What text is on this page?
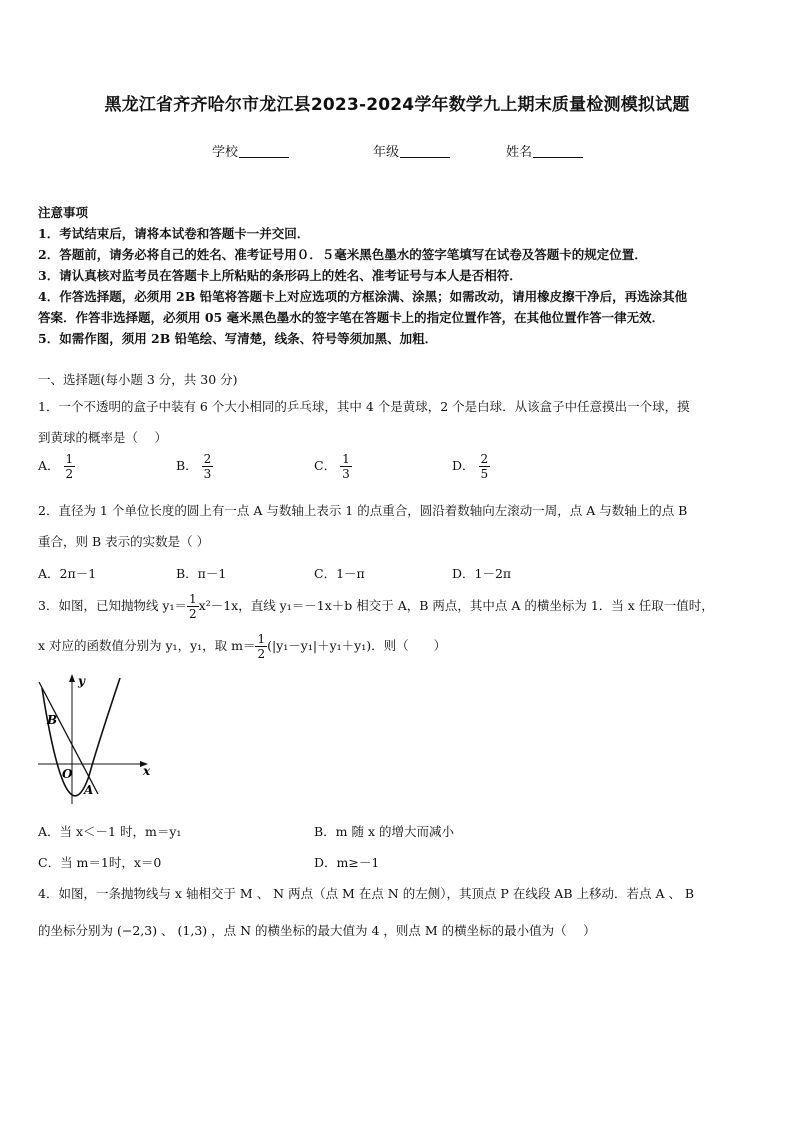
黑龙江省齐齐哈尔市龙江县2023-2024学年数学九上期末质量检测模拟试题
学校	年级	姓名
注意事项
1．考试结束后，请将本试卷和答题卡一并交回．
2．答题前，请务必将自己的姓名、准考证号用０．５毫米黑色墨水的签字笔填写在试卷及答题卡的规定位置．
3．请认真核对监考员在答题卡上所粘贴的条形码上的姓名、准考证号与本人是否相符．
4．作答选择题，必须用 2B 铅笔将答题卡上对应选项的方框涂满、涂黑；如需改动，请用橡皮擦干净后，再选涂其他
答案．作答非选择题，必须用 05 毫米黑色墨水的签字笔在答题卡上的指定位置作答，在其他位置作答一律无效．
5．如需作图，须用 2B 铅笔绘、写清楚，线条、符号等须加黑、加粗．
一、选择题(每小题 3 分，共 30 分)
1．一个不透明的盒子中装有 6 个大小相同的乒乓球，其中 4 个是黄球，2 个是白球．从该盒子中任意摸出一个球，摸
到黄球的概率是（　 ）
A． $\frac{1}{2}$	B． $\frac{2}{3}$	C． $\frac{1}{3}$	D． $\frac{2}{5}$
2．直径为 1 个单位长度的圆上有一点 A 与数轴上表示 1 的点重合，圆沿着数轴向左滚动一周，点 A 与数轴上的点 B
重合，则 B 表示的实数是（ ）
A．2π－1	B．π－1	C．1－π	D．1－2π
3．如图，已知抛物线 $y_1= \frac{1}{2} x^2-1x$，直线 y₁＝－1x＋b 相交于 A，B 两点，其中点 A 的横坐标为 1．当 x 任取一值时，
x 对应的函数值分别为 y₁，y₁，取 $m= \frac{1}{2} (|y_1-y_1|+y_1+y_1)$．则（　　）
y
x
O
A
B
A．当 x＜－1 时，m＝y₁	B．m 随 x 的增大而减小
C．当 m＝1时，x＝0	D．m≥－1
4．如图，一条抛物线与 x 轴相交于 M 、 N 两点（点 M 在点 N 的左侧），其顶点 P 在线段 AB 上移动．若点 A 、 B
的坐标分别为 (−2,3) 、 (1,3) ，点 N 的横坐标的最大值为 4 ，则点 M 的横坐标的最小值为（　 ）
